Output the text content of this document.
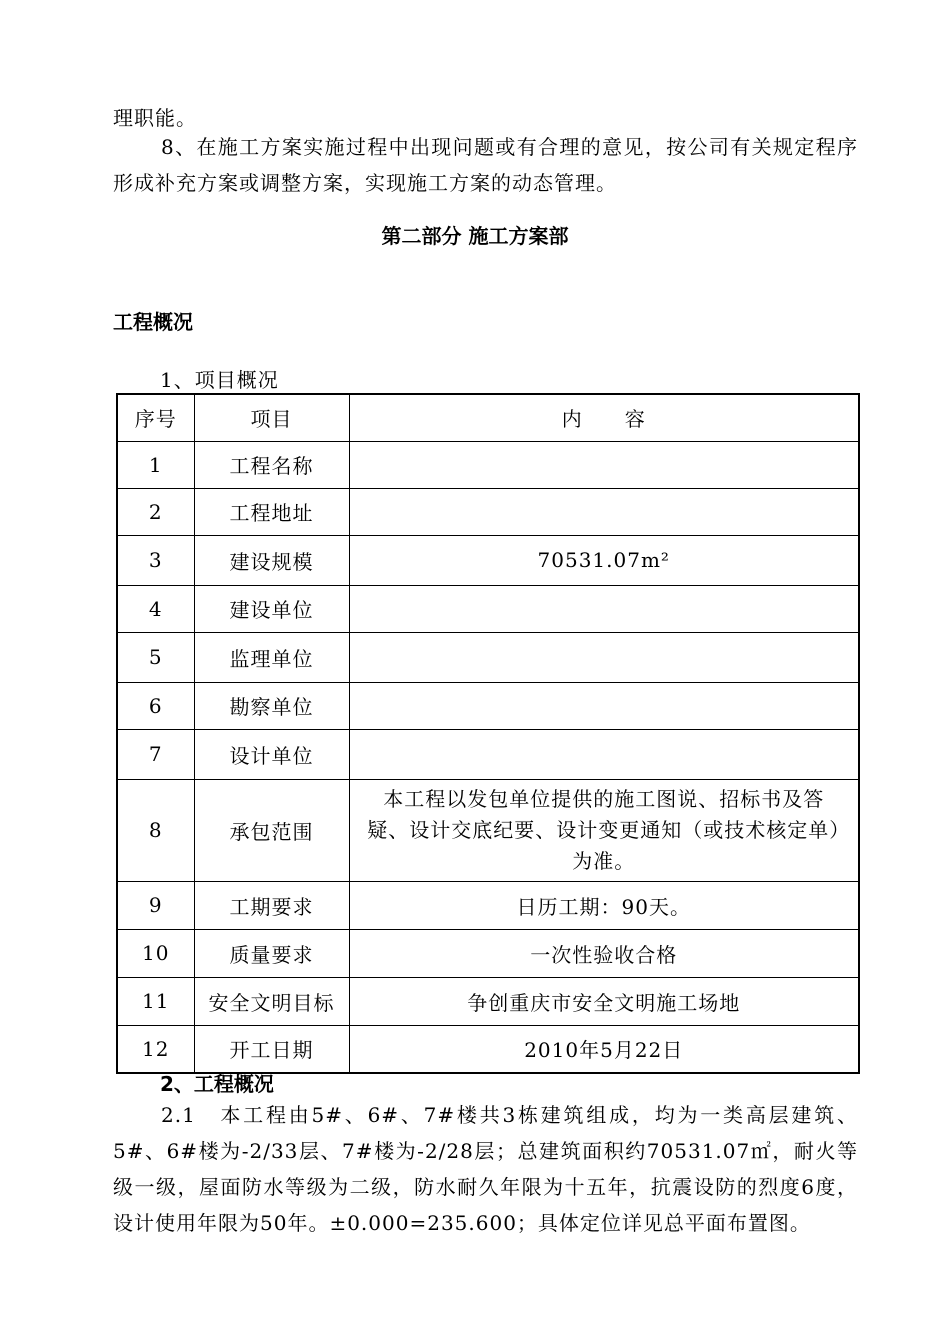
理职能。

8、在施工方案实施过程中出现问题或有合理的意见，按公司有关规定程序形成补充方案或调整方案，实现施工方案的动态管理。

第二部分 施工方案部
工程概况
1、项目概况
序号	项目	内　　容
1	工程名称	
2	工程地址	
3	建设规模	70531.07m²
4	建设单位	
5	监理单位	
6	勘察单位	
7	设计单位	
8	承包范围	本工程以发包单位提供的施工图说、招标书及答疑、设计交底纪要、设计变更通知（或技术核定单）为准。
9	工期要求	日历工期：90天。
10	质量要求	一次性验收合格
11	安全文明目标	争创重庆市安全文明施工场地
12	开工日期	2010年5月22日
2、工程概况

2.1　本工程由5#、6#、7#楼共3栋建筑组成，均为一类高层建筑、5#、6#楼为-2/33层、7#楼为-2/28层；总建筑面积约70531.07㎡，耐火等级一级，屋面防水等级为二级，防水耐久年限为十五年，抗震设防的烈度6度，设计使用年限为50年。±0.000=235.600；具体定位详见总平面布置图。
